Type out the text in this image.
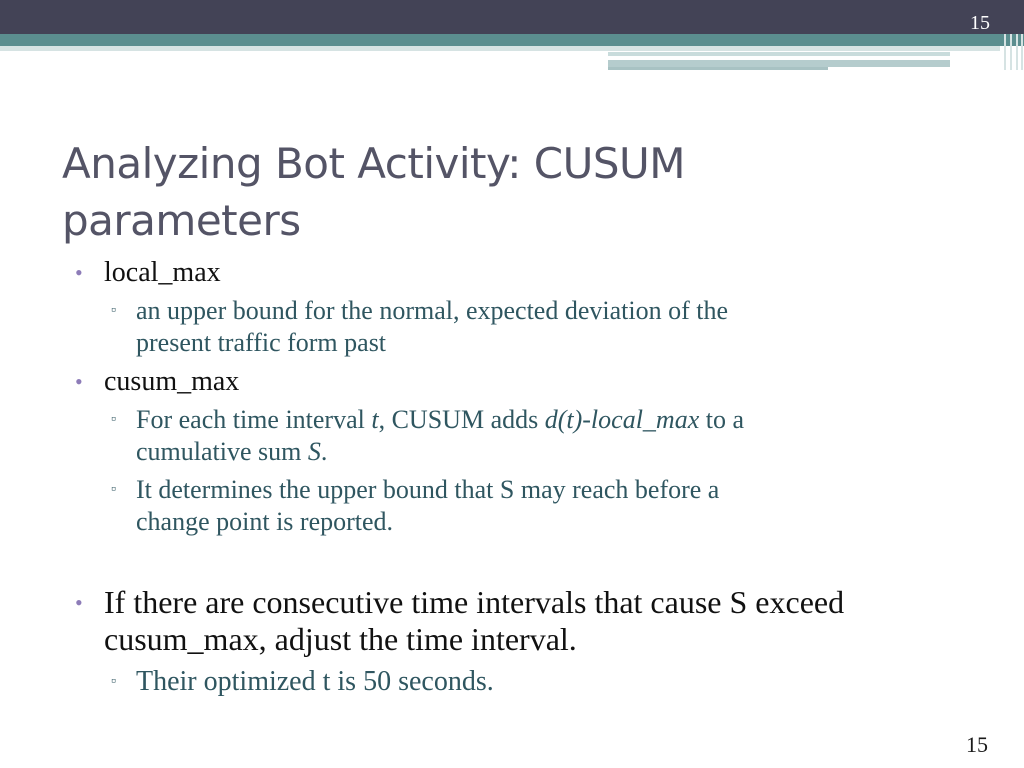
15
Analyzing Bot Activity: CUSUM
parameters
• local_max
▫ an upper bound for the normal, expected deviation of the
present traffic form past
• cusum_max
▫ For each time interval t, CUSUM adds d(t)-local_max to a
cumulative sum S.
▫ It determines the upper bound that S may reach before a
change point is reported.
• If there are consecutive time intervals that cause S exceed
cusum_max, adjust the time interval.
▫ Their optimized t is 50 seconds.
15
